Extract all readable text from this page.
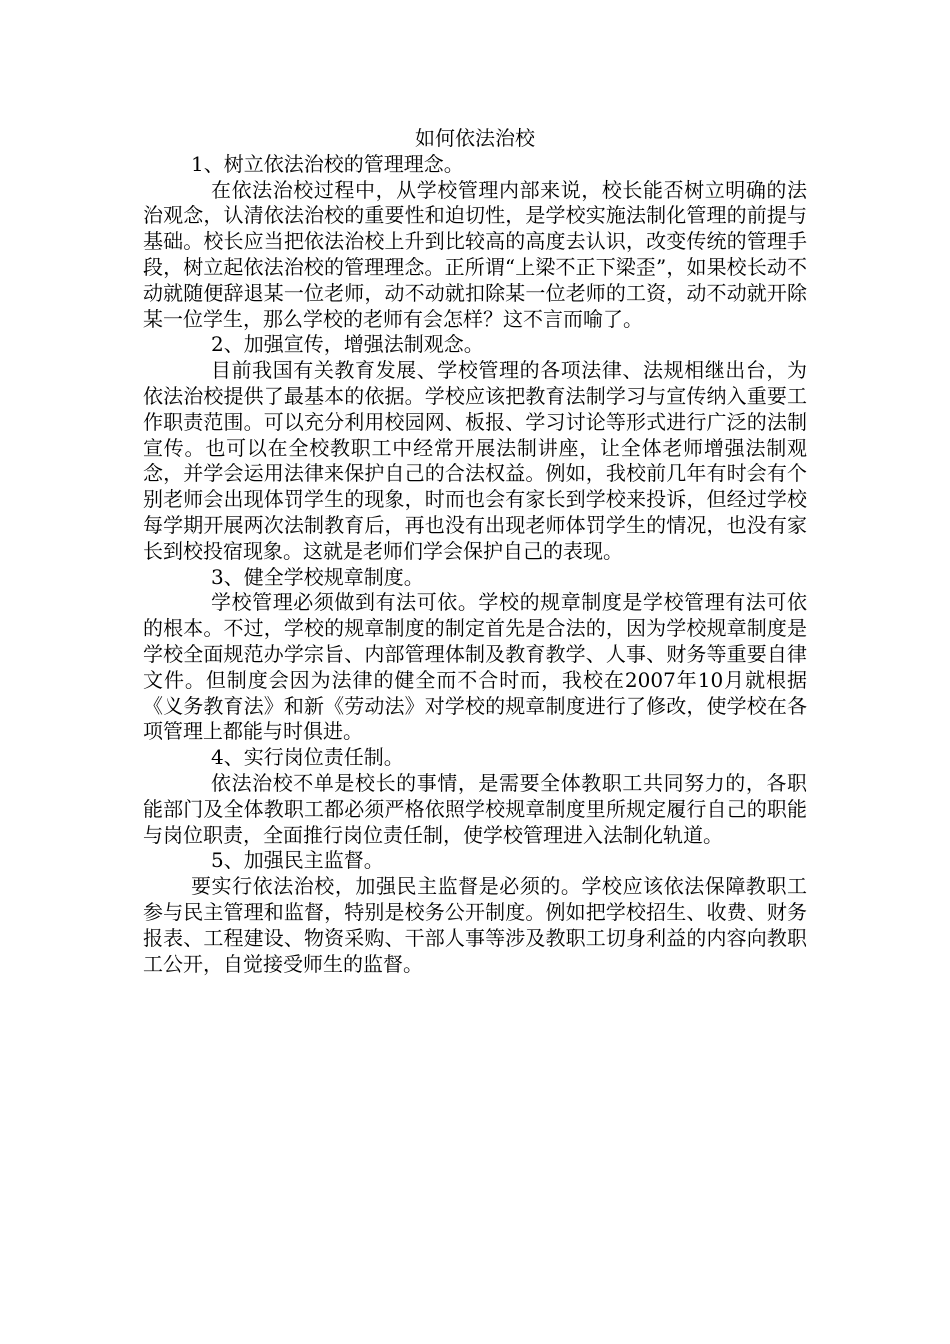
如何依法治校

1、树立依法治校的管理理念。

在依法治校过程中，从学校管理内部来说，校长能否树立明确的法治观念，认清依法治校的重要性和迫切性，是学校实施法制化管理的前提与基础。校长应当把依法治校上升到比较高的高度去认识，改变传统的管理手段，树立起依法治校的管理理念。正所谓“上梁不正下梁歪”，如果校长动不动就随便辞退某一位老师，动不动就扣除某一位老师的工资，动不动就开除某一位学生，那么学校的老师有会怎样？这不言而喻了。

2、加强宣传，增强法制观念。

目前我国有关教育发展、学校管理的各项法律、法规相继出台，为依法治校提供了最基本的依据。学校应该把教育法制学习与宣传纳入重要工作职责范围。可以充分利用校园网、板报、学习讨论等形式进行广泛的法制宣传。也可以在全校教职工中经常开展法制讲座，让全体老师增强法制观念，并学会运用法律来保护自己的合法权益。例如，我校前几年有时会有个别老师会出现体罚学生的现象，时而也会有家长到学校来投诉，但经过学校每学期开展两次法制教育后，再也没有出现老师体罚学生的情况，也没有家长到校投宿现象。这就是老师们学会保护自己的表现。

3、健全学校规章制度。

学校管理必须做到有法可依。学校的规章制度是学校管理有法可依的根本。不过，学校的规章制度的制定首先是合法的，因为学校规章制度是学校全面规范办学宗旨、内部管理体制及教育教学、人事、财务等重要自律文件。但制度会因为法律的健全而不合时而，我校在2007年10月就根据《义务教育法》和新《劳动法》对学校的规章制度进行了修改，使学校在各项管理上都能与时俱进。

4、实行岗位责任制。

依法治校不单是校长的事情，是需要全体教职工共同努力的，各职能部门及全体教职工都必须严格依照学校规章制度里所规定履行自己的职能与岗位职责，全面推行岗位责任制，使学校管理进入法制化轨道。

5、加强民主监督。

要实行依法治校，加强民主监督是必须的。学校应该依法保障教职工参与民主管理和监督，特别是校务公开制度。例如把学校招生、收费、财务报表、工程建设、物资采购、干部人事等涉及教职工切身利益的内容向教职工公开，自觉接受师生的监督。
